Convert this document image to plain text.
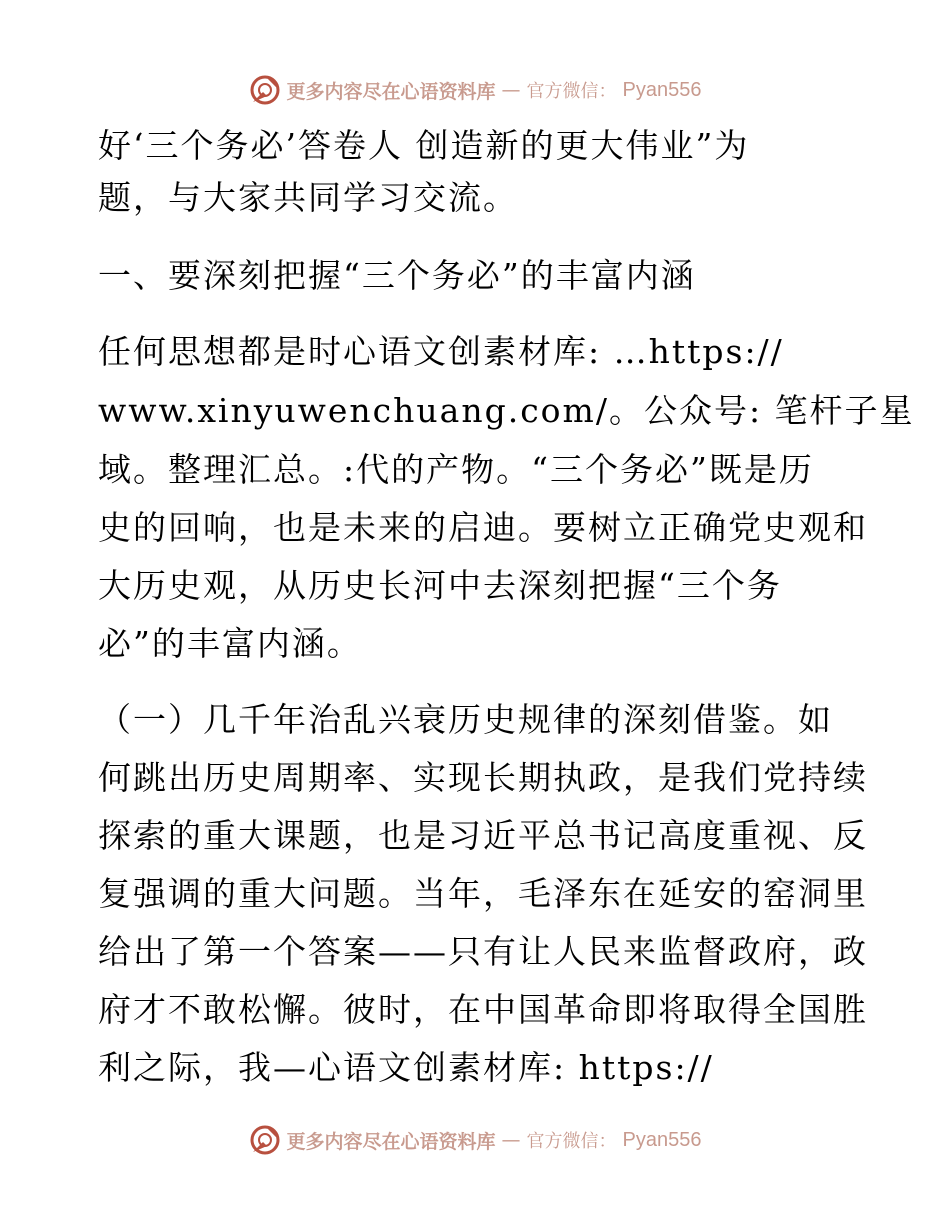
更多内容尽在心语资料库 — 官方微信： Pyan556
好‘三个务必’答卷人 创造新的更大伟业”为
题，与大家共同学习交流。
一、要深刻把握“三个务必”的丰富内涵
任何思想都是时心语文创素材库: …https://
www.xinyuwenchuang.com/。公众号: 笔杆子星
域。整理汇总。:代的产物。“三个务必”既是历
史的回响，也是未来的启迪。要树立正确党史观和
大历史观，从历史长河中去深刻把握“三个务
必”的丰富内涵。
（一）几千年治乱兴衰历史规律的深刻借鉴。如
何跳出历史周期率、实现长期执政，是我们党持续
探索的重大课题，也是习近平总书记高度重视、反
复强调的重大问题。当年，毛泽东在延安的窑洞里
给出了第一个答案——只有让人民来监督政府，政
府才不敢松懈。彼时，在中国革命即将取得全国胜
利之际，我—心语文创素材库: https://
更多内容尽在心语资料库 — 官方微信： Pyan556
